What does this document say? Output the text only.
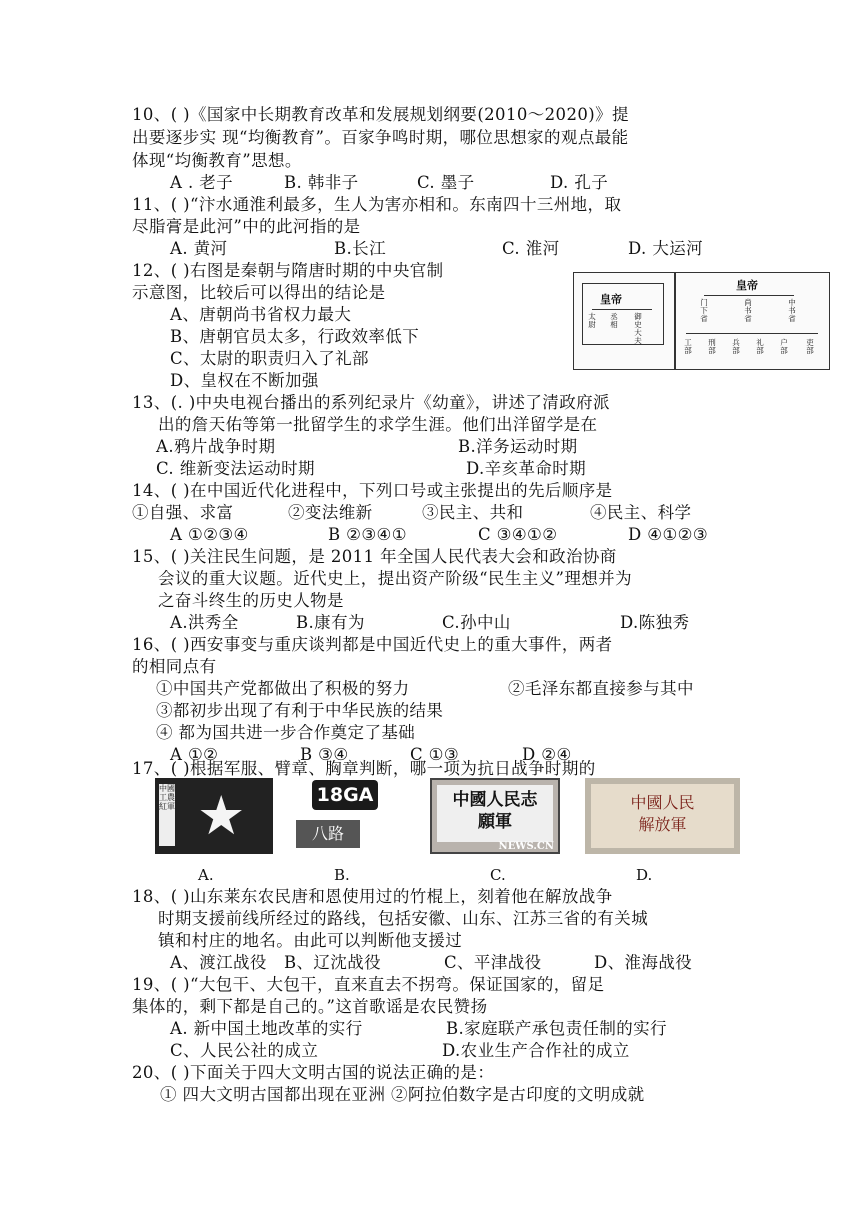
10、( )《国家中长期教育改革和发展规划纲要(2010～2020)》提
出要逐步实 现“均衡教育”。百家争鸣时期，哪位思想家的观点最能
体现“均衡教育”思想。
A . 老子	B. 韩非子	C. 墨子	D. 孔子
11、( )“汴水通淮利最多，生人为害亦相和。东南四十三州地，取
尽脂膏是此河”中的此河指的是
A. 黄河	B.长江	C. 淮河	D. 大运河
12、( )右图是秦朝与隋唐时期的中央官制
示意图，比较后可以得出的结论是
A、唐朝尚书省权力最大
B、唐朝官员太多，行政效率低下
C、太尉的职责归入了礼部
D、皇权在不断加强
皇帝
太尉
丞相
御史大夫
皇帝
门下省
尚书省
中书省
工部
刑部
兵部
礼部
户部
吏部
13、(. )中央电视台播出的系列纪录片《幼童》，讲述了清政府派
出的詹天佑等第一批留学生的求学生涯。他们出洋留学是在
A.鸦片战争时期	B.洋务运动时期
C. 维新变法运动时期	D.辛亥革命时期
14、( )在中国近代化进程中，下列口号或主张提出的先后顺序是
①自强、求富	②变法维新	③民主、共和	④民主、科学
A ①②③④	B ②③④①	C ③④①②	D ④①②③
15、( )关注民生问题，是 2011 年全国人民代表大会和政治协商
会议的重大议题。近代史上，提出资产阶级“民生主义”理想并为
之奋斗终生的历史人物是
A.洪秀全	B.康有为	C.孙中山	D.陈独秀
16、( )西安事变与重庆谈判都是中国近代史上的重大事件，两者
的相同点有
①中国共产党都做出了积极的努力	②毛泽东都直接参与其中
③都初步出现了有利于中华民族的结果
④ 都为国共进一步合作奠定了基础
A ①②	B ③④	C ①③	D ②④
17、( )根据军服、臂章、胸章判断，哪一项为抗日战争时期的
中國工農紅軍 ★	18GA
八路
中國人民志願軍
NEWS.CN
中國人民解放軍
A.	B.	C.	D.
18、( )山东莱东农民唐和恩使用过的竹棍上，刻着他在解放战争
时期支援前线所经过的路线，包括安徽、山东、江苏三省的有关城
镇和村庄的地名。由此可以判断他支援过
A、渡江战役 B、辽沈战役	C、平津战役	D、淮海战役
19、( )“大包干、大包干，直来直去不拐弯。保证国家的，留足
集体的，剩下都是自己的。”这首歌谣是农民赞扬
A. 新中国土地改革的实行	B.家庭联产承包责任制的实行
C、人民公社的成立	D.农业生产合作社的成立
20、( )下面关于四大文明古国的说法正确的是：
① 四大文明古国都出现在亚洲 ②阿拉伯数字是古印度的文明成就
